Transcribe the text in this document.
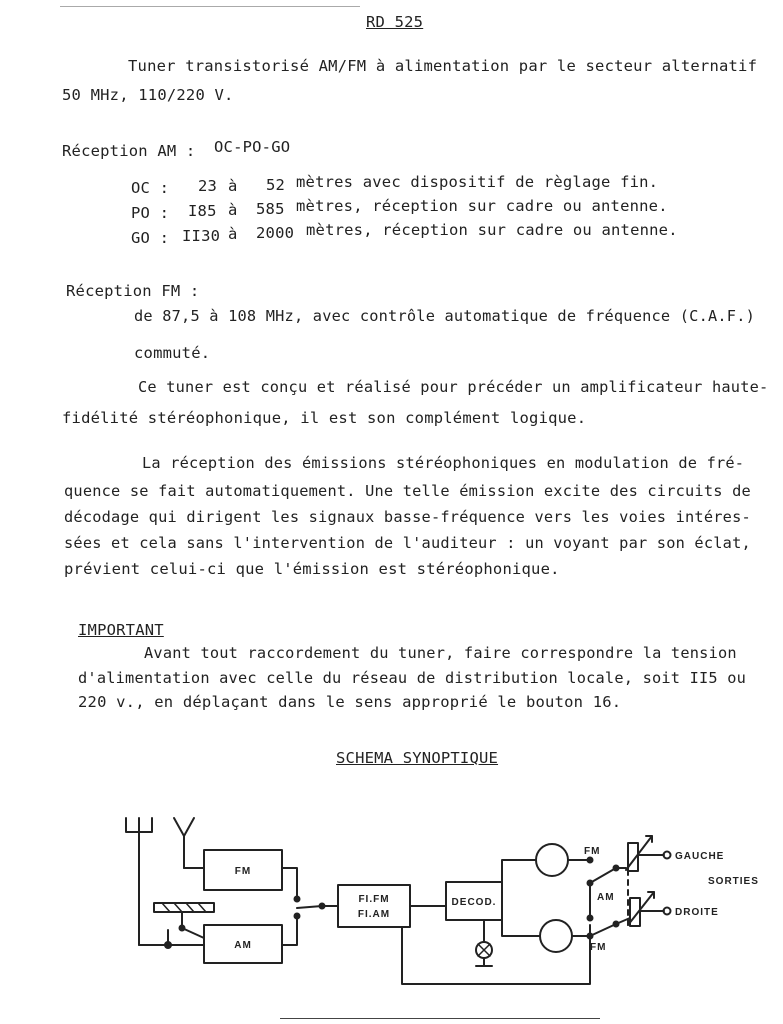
RD 525
Tuner transistorisé AM/FM à alimentation par le secteur alternatif
50 MHz, 110/220 V.
Réception AM : OC-PO-GO
OC : 23 à 52 mètres avec dispositif de règlage fin.
PO : I85 à 585 mètres, réception sur cadre ou antenne.
GO : II30 à 2000 mètres, réception sur cadre ou antenne.
Réception FM :
de 87,5 à 108 MHz, avec contrôle automatique de fréquence (C.A.F.)
commuté.
Ce tuner est conçu et réalisé pour précéder un amplificateur haute-
fidélité stéréophonique, il est son complément logique.
La réception des émissions stéréophoniques en modulation de fré-
quence se fait automatiquement. Une telle émission excite des circuits de
décodage qui dirigent les signaux basse-fréquence vers les voies intéres-
sées et cela sans l'intervention de l'auditeur : un voyant par son éclat,
prévient celui-ci que l'émission est stéréophonique.
IMPORTANT
Avant tout raccordement du tuner, faire correspondre la tension
d'alimentation avec celle du réseau de distribution locale, soit II5 ou
220 v., en déplaçant dans le sens approprié le bouton 16.
SCHEMA SYNOPTIQUE
FM
AM
FI.FM
FI.AM
DECOD.
FM
AM
FM
GAUCHE
DROITE
SORTIES
